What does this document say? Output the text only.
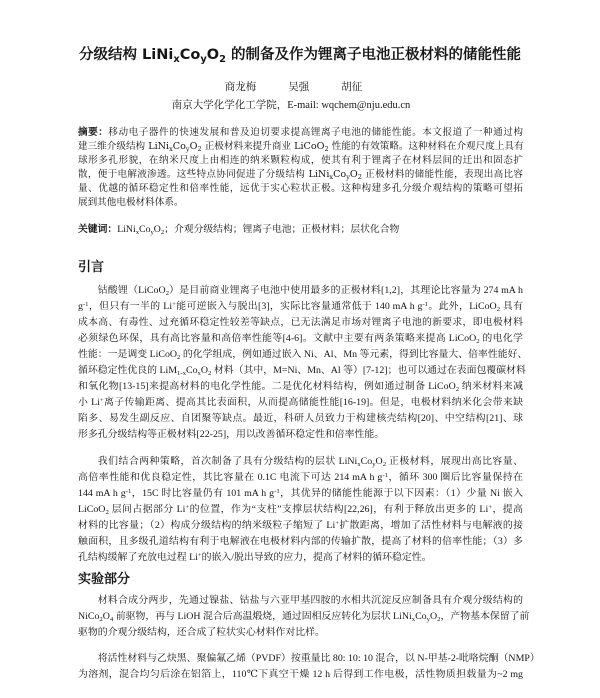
分级结构 $LiNi_xCo_yO_2$ 的制备及作为锂离子电池正极材料的储能性能
商龙梅	吴强	胡征
南京大学化学化工学院，E-mail: wqchem@nju.edu.cn
摘要：移动电子器件的快速发展和普及迫切要求提高锂离子电池的储能性能。本文报道了一种通过构
建三维介级结构 $LiNi_xCo_yO_2$ 正极材料来提升商业 LiCoO$_2$ 性能的有效策略。这种材料在介观尺度上具有
球形多孔形貌，在纳米尺度上由相连的纳米颗粒构成，使其有利于锂离子在材料层间的迁出和固态扩
散，便于电解液渗透。这些特点协同促进了分级结构 $LiNi_xCo_yO_2$ 正极材料的储能性能，表现出高比容
量、优越的循环稳定性和倍率性能，远优于实心粒状正极。这种构建多孔分级介观结构的策略可望拓
展到其他电极材料体系。
关键词：$LiNi_xCo_yO_2$；介观分级结构；锂离子电池；正极材料；层状化合物
引言
钴酸锂（LiCoO$_2$）是目前商业锂离子电池中使用最多的正极材料[1,2]，其理论比容量为 274 mA h
$g^{-1}$，但只有一半的 Li+能可逆嵌入与脱出[3]，实际比容量通常低于 140 mA h $g^{-1}$。此外，LiCoO$_2$ 具有
成本高、有毒性、过充循环稳定性较差等缺点，已无法满足市场对锂离子电池的新要求，即电极材料
必须绿色环保，具有高比容量和高倍率性能等[4-6]。文献中主要有两条策略来提高 LiCoO$_2$ 的电化学
性能：一是调变 LiCoO$_2$ 的化学组成，例如通过嵌入 Ni、Al、Mn 等元素，得到比容量大、倍率性能好、
循环稳定性优良的 $LiM_{1-x}Co_xO_2$ 材料（其中，M=Ni、Mn、Al 等）[7-12]；也可以通过在表面包覆碳材料
和氧化物[13-15]来提高材料的电化学性能。二是优化材料结构，例如通过制备 LiCoO$_2$ 纳米材料来减
小 Li+离子传输距离、提高其比表面积，从而提高储能性能[16-19]。但是，电极材料纳米化会带来缺
陷多、易发生副反应、自团聚等缺点。最近，科研人员致力于构建核壳结构[20]、中空结构[21]、球
形多孔分级结构等正极材料[22-25]，用以改善循环稳定性和倍率性能。
我们结合两种策略，首次制备了具有分级结构的层状 $LiNi_xCo_yO_2$ 正极材料，展现出高比容量、
高倍率性能和优良稳定性，其比容量在 0.1C 电流下可达 214 mA h $g^{-1}$，循环 300 圈后比容量保持在
144 mA h $g^{-1}$，15C 时比容量仍有 101 mA h $g^{-1}$，其优异的储能性能源于以下因素：（1）少量 Ni 嵌入
LiCoO$_2$ 层间占据部分 Li+的位置，作为“支柱”支撑层状结构[22,26]，有利于释放出更多的 Li+，提高
材料的比容量；（2）构成分级结构的纳米级粒子缩短了 Li+扩散距离，增加了活性材料与电解液的接
触面积，且多级孔道结构有利于电解液在电极材料内部的传输扩散，提高了材料的倍率性能；（3）多
孔结构缓解了充放电过程 Li+的嵌入/脱出导致的应力，提高了材料的循环稳定性。
实验部分
材料合成分两步，先通过镍盐、钴盐与六亚甲基四胺的水相共沉淀反应制备具有介观分级结构的
$NiCo_2O_4$ 前驱物，再与 LiOH 混合后高温煅烧，通过固相反应转化为层状 $LiNi_xCo_yO_2$，产物基本保留了前
驱物的介观分级结构，还合成了粒状实心材料作对比样。
将活性材料与乙炔黑、聚偏氟乙烯（PVDF）按重量比 80: 10: 10 混合，以 N-甲基-2-吡咯烷酮（NMP）
为溶剂，混合均匀后涂在铝箔上，110℃下真空干燥 12 h 后得到工作电极，活性物质担载量为~2 mg
